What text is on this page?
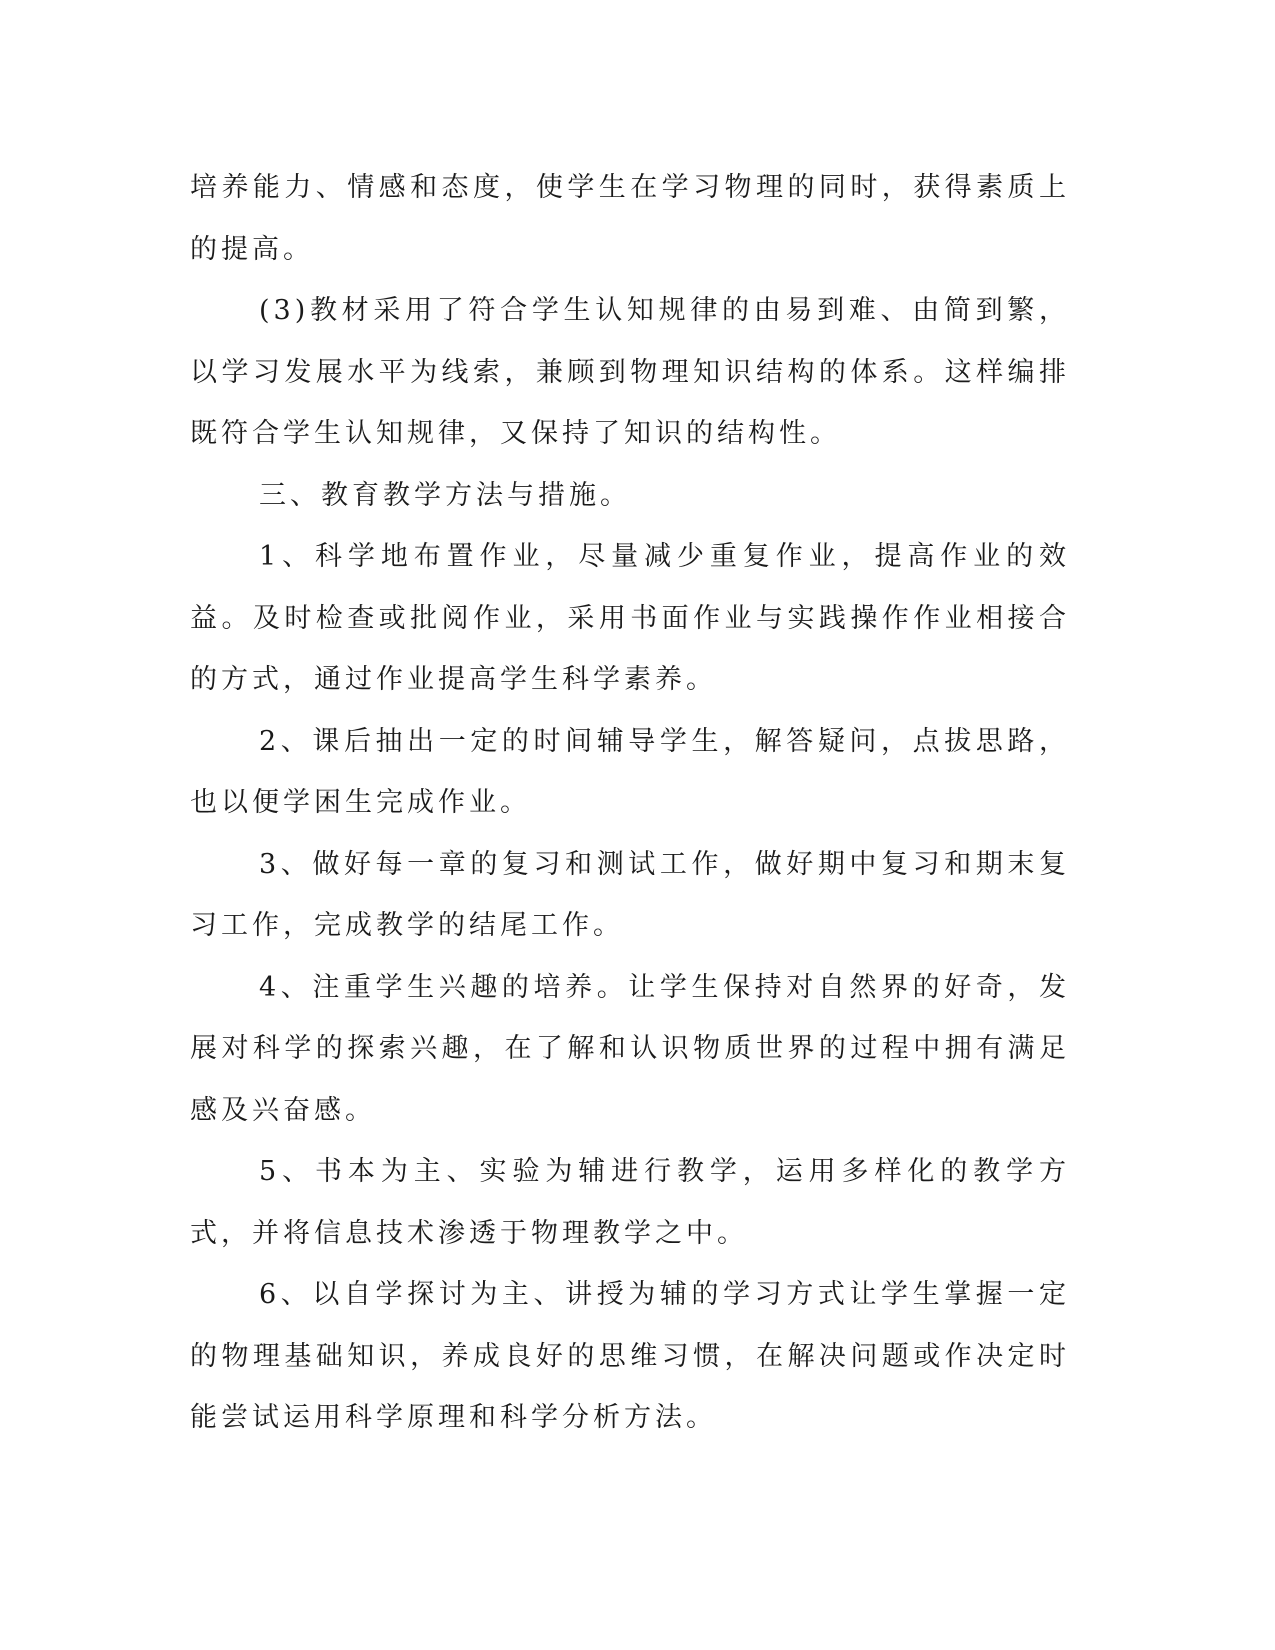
培养能力、情感和态度，使学生在学习物理的同时，获得素质上的提高。

(3)教材采用了符合学生认知规律的由易到难、由简到繁，以学习发展水平为线索，兼顾到物理知识结构的体系。这样编排既符合学生认知规律，又保持了知识的结构性。

三、教育教学方法与措施。

1、科学地布置作业，尽量减少重复作业，提高作业的效益。及时检查或批阅作业，采用书面作业与实践操作作业相接合的方式，通过作业提高学生科学素养。

2、课后抽出一定的时间辅导学生，解答疑问，点拔思路，也以便学困生完成作业。

3、做好每一章的复习和测试工作，做好期中复习和期末复习工作，完成教学的结尾工作。

4、注重学生兴趣的培养。让学生保持对自然界的好奇，发展对科学的探索兴趣，在了解和认识物质世界的过程中拥有满足感及兴奋感。

5、书本为主、实验为辅进行教学，运用多样化的教学方式，并将信息技术渗透于物理教学之中。

6、以自学探讨为主、讲授为辅的学习方式让学生掌握一定的物理基础知识，养成良好的思维习惯，在解决问题或作决定时能尝试运用科学原理和科学分析方法。
